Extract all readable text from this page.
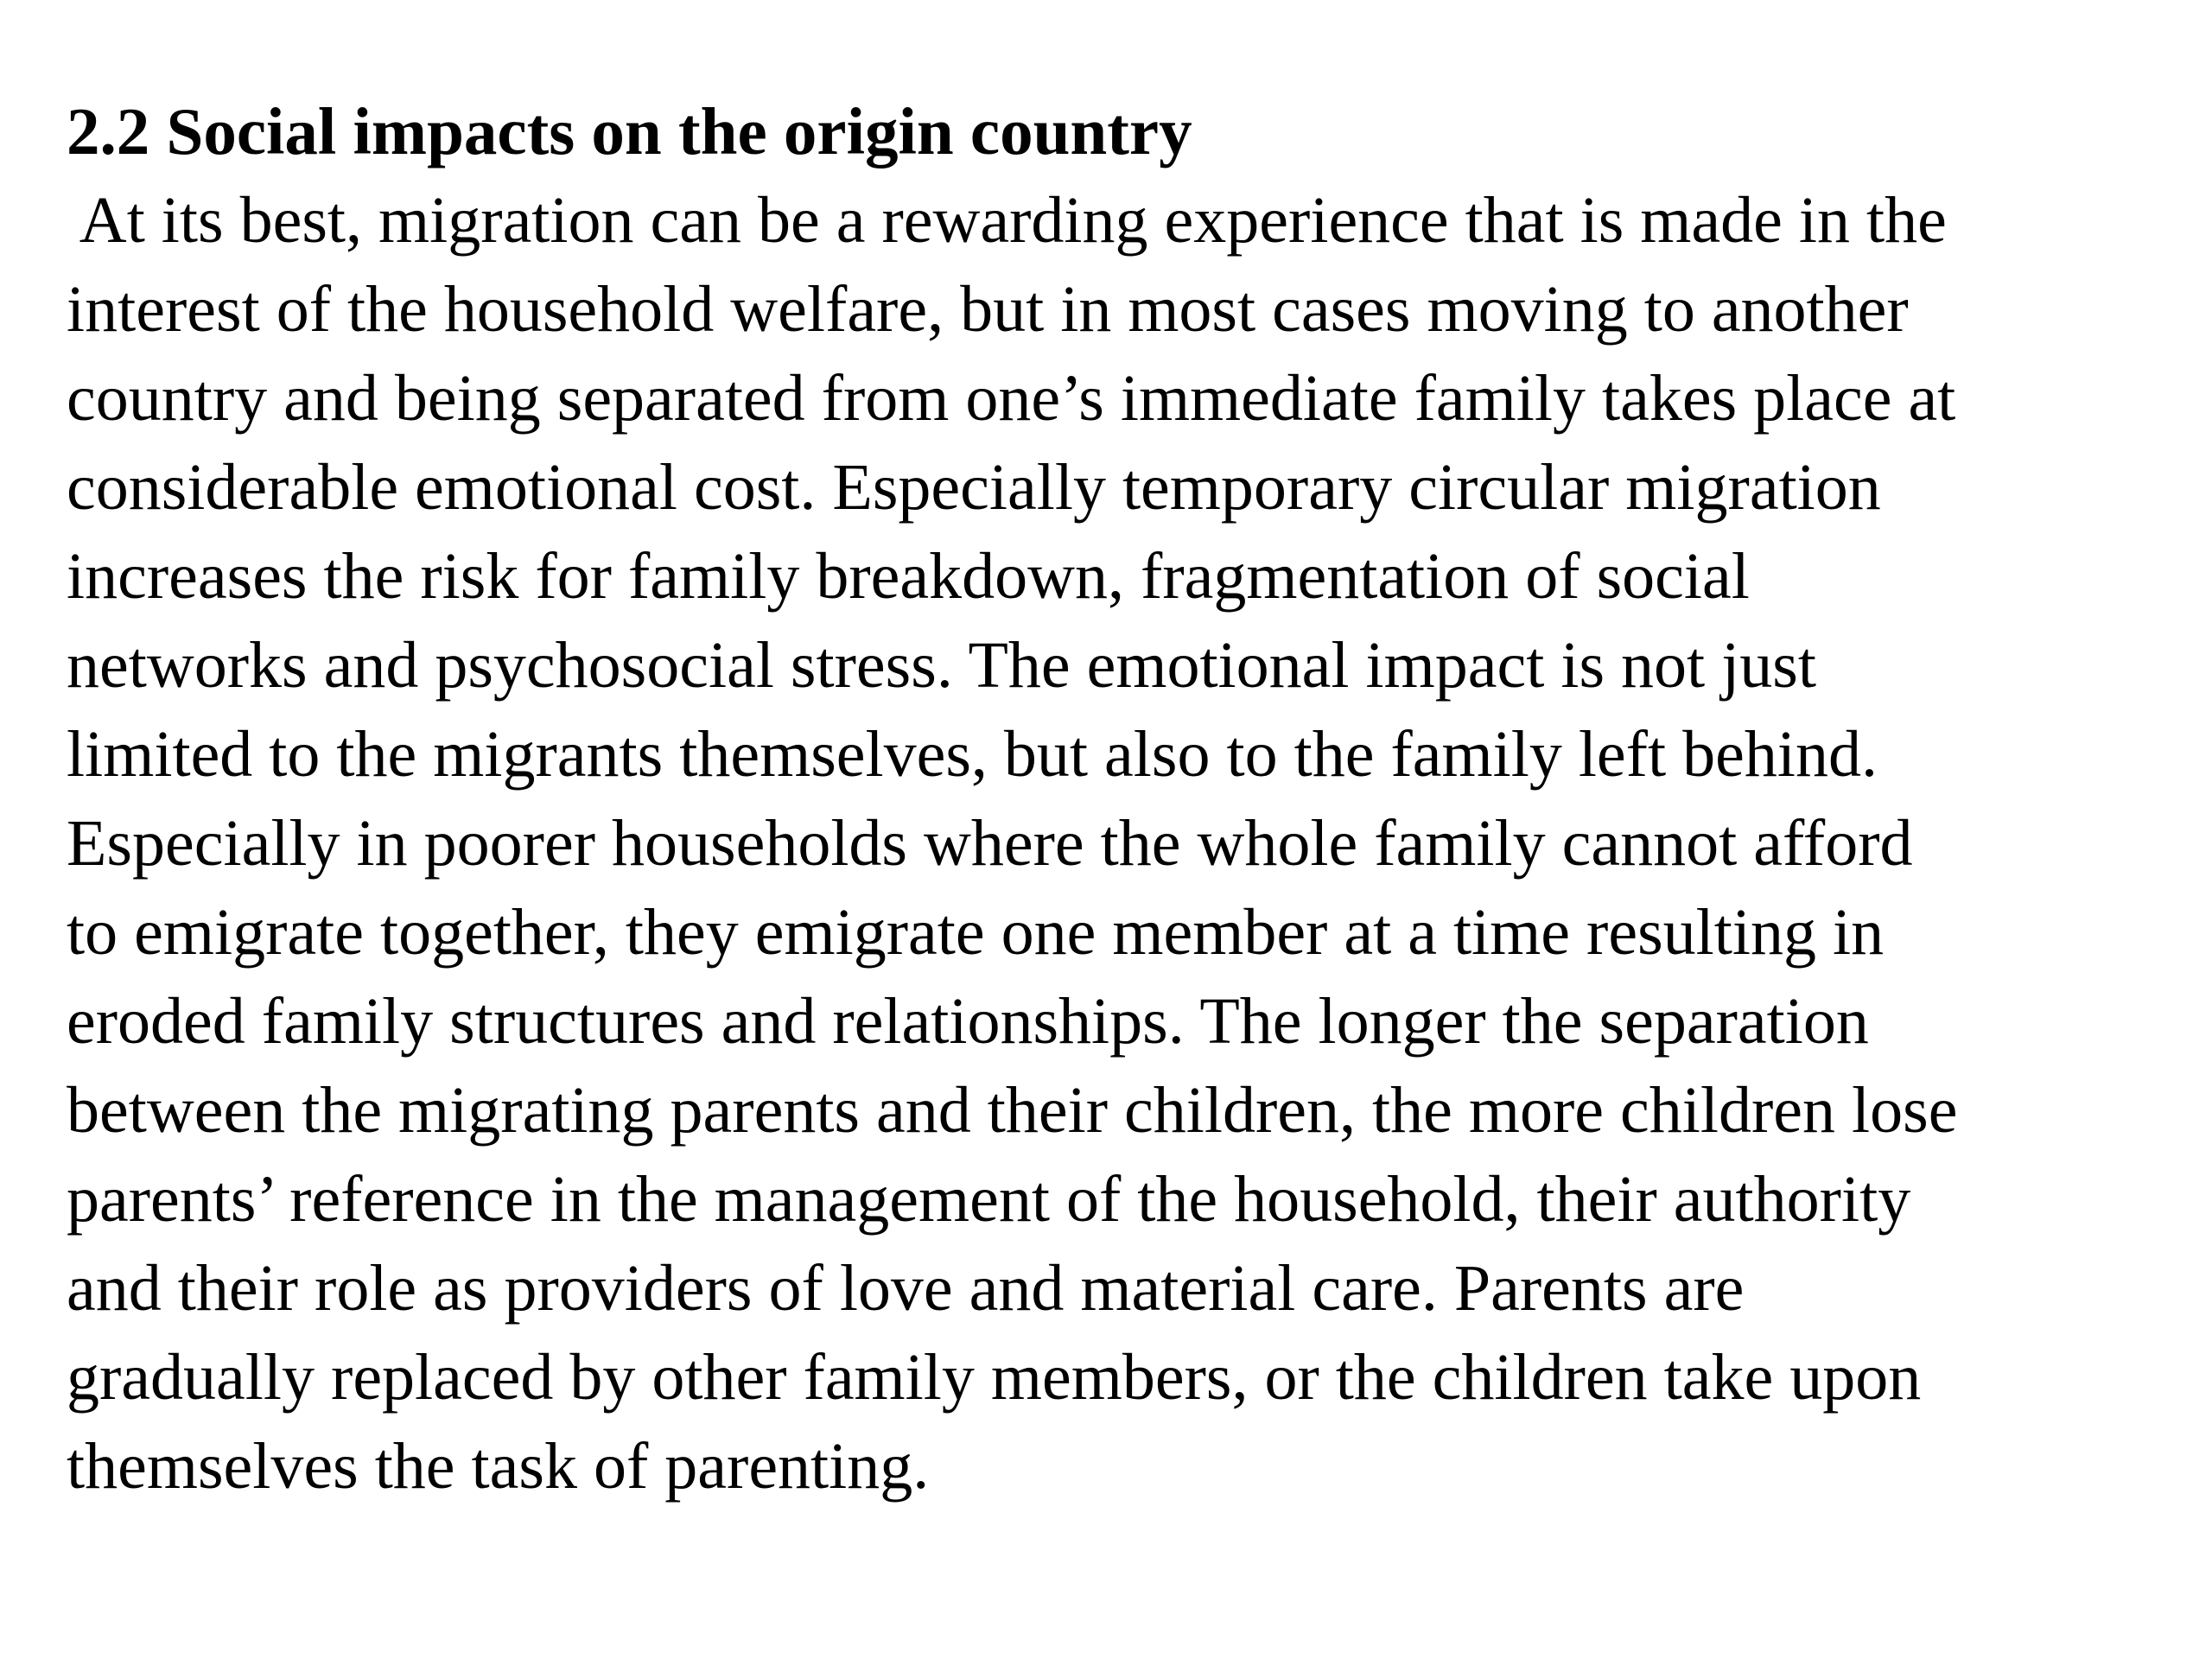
2.2 Social impacts on the origin country
At its best, migration can be a rewarding experience that is made in the
interest of the household welfare, but in most cases moving to another
country and being separated from one’s immediate family takes place at
considerable emotional cost. Especially temporary circular migration
increases the risk for family breakdown, fragmentation of social
networks and psychosocial stress. The emotional impact is not just
limited to the migrants themselves, but also to the family left behind.
Especially in poorer households where the whole family cannot afford
to emigrate together, they emigrate one member at a time resulting in
eroded family structures and relationships. The longer the separation
between the migrating parents and their children, the more children lose
parents’ reference in the management of the household, their authority
and their role as providers of love and material care. Parents are
gradually replaced by other family members, or the children take upon
themselves the task of parenting.
